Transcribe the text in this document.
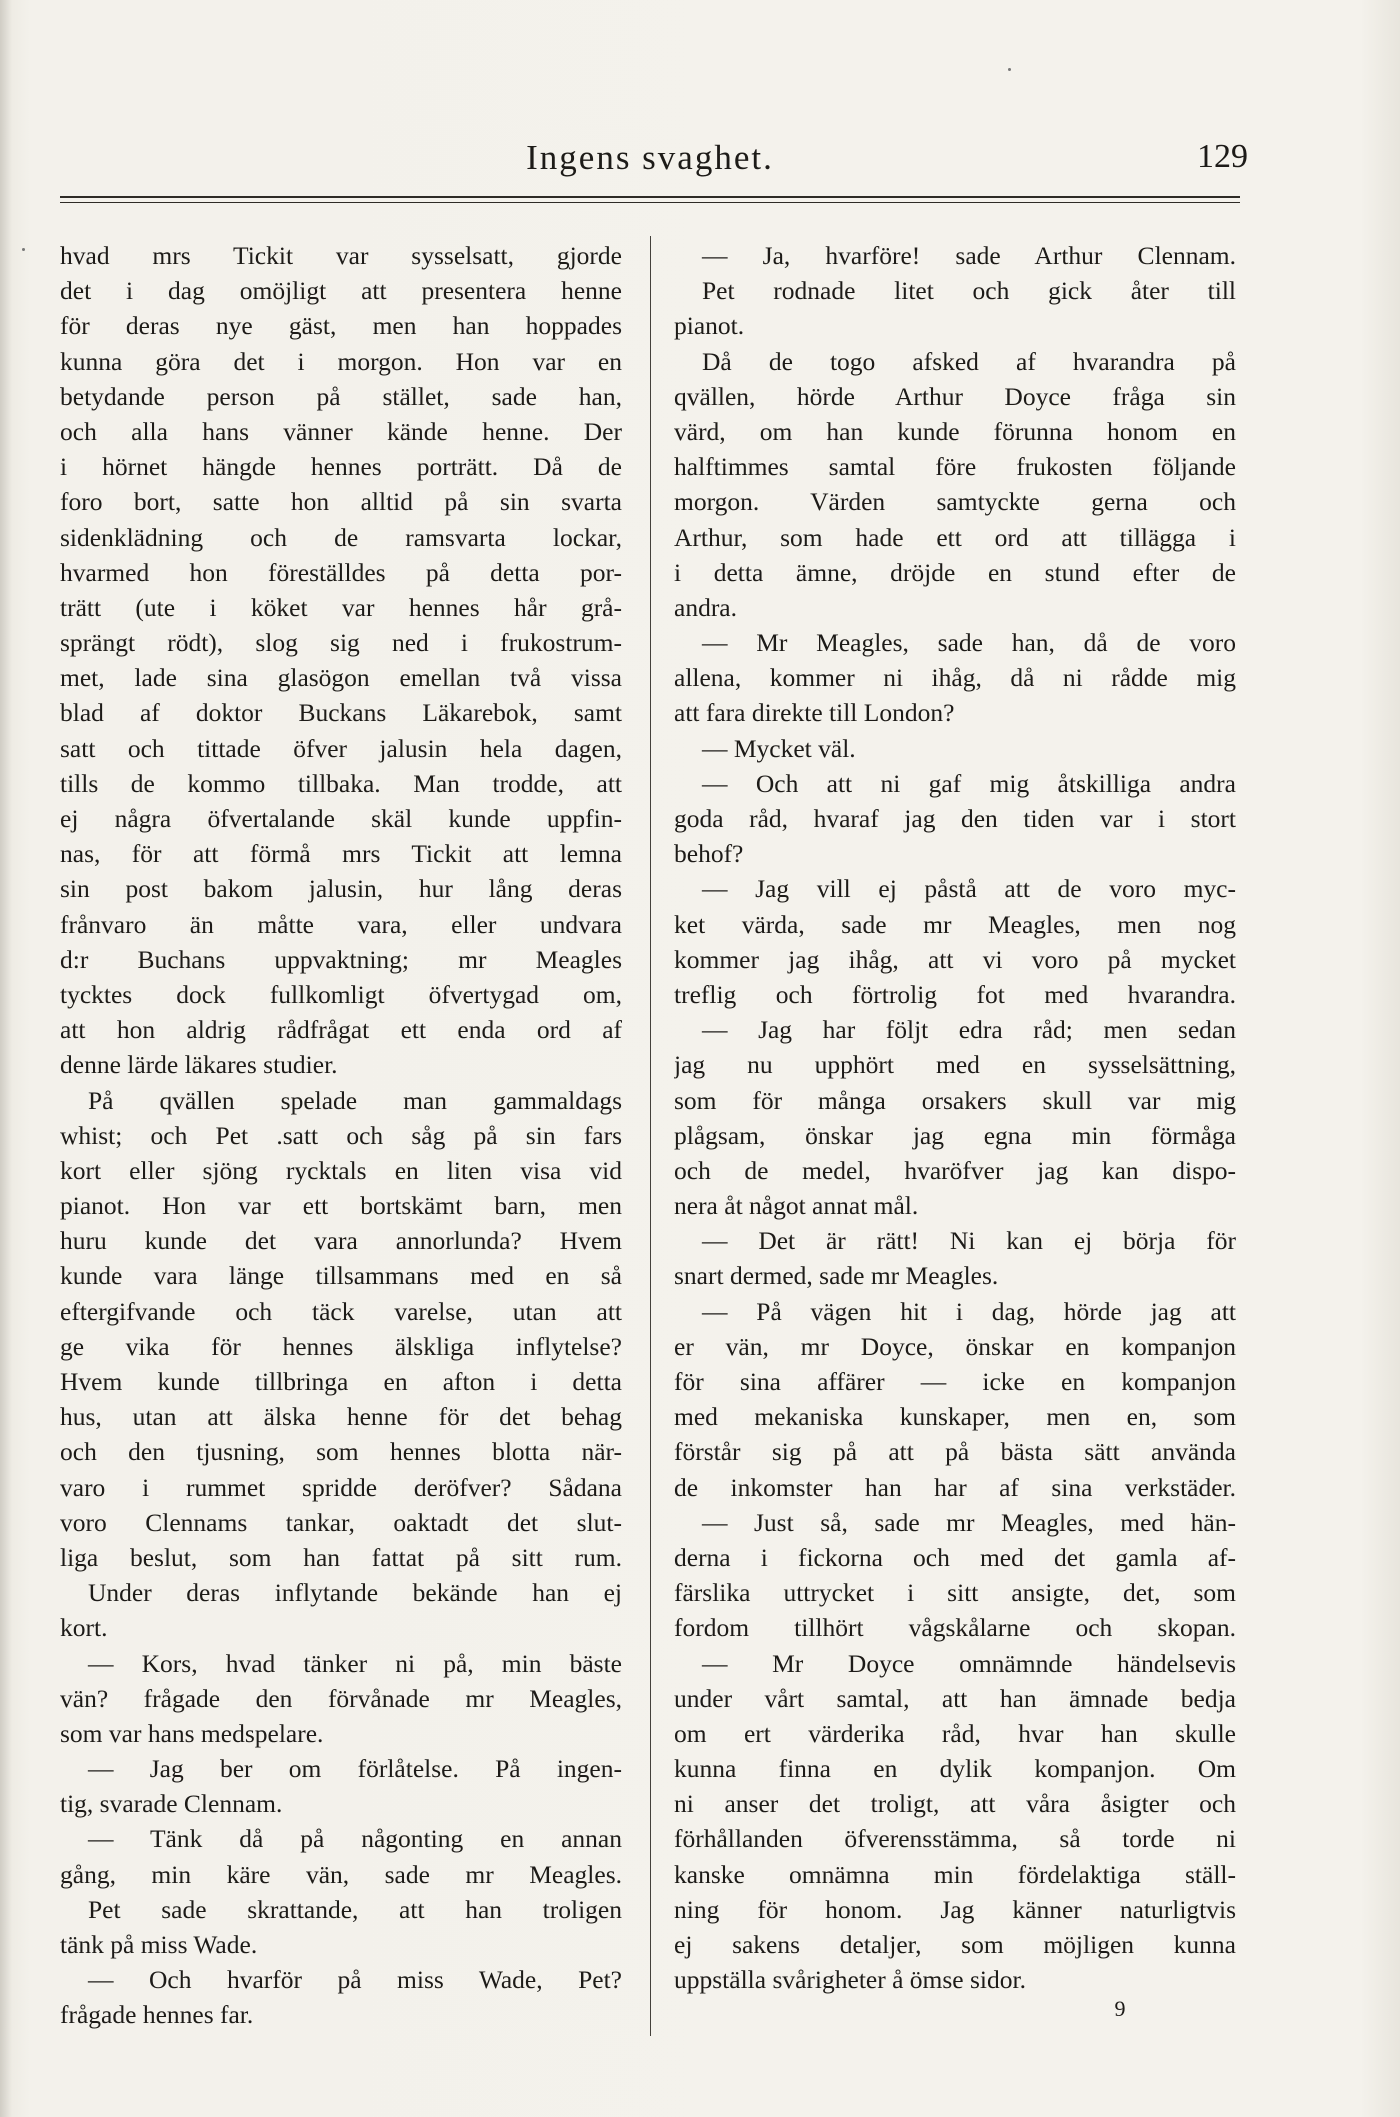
Ingens svaghet.	129
hvad mrs Tickit var sysselsatt, gjorde
det i dag omöjligt att presentera henne
för deras nye gäst, men han hoppades
kunna göra det i morgon. Hon var en
betydande person på stället, sade han,
och alla hans vänner kände henne. Der
i hörnet hängde hennes porträtt. Då de
foro bort, satte hon alltid på sin svarta
sidenklädning och de ramsvarta lockar,
hvarmed hon föreställdes på detta por-
trätt (ute i köket var hennes hår grå-
sprängt rödt), slog sig ned i frukostrum-
met, lade sina glasögon emellan två vissa
blad af doktor Buckans Läkarebok, samt
satt och tittade öfver jalusin hela dagen,
tills de kommo tillbaka. Man trodde, att
ej några öfvertalande skäl kunde uppfin-
nas, för att förmå mrs Tickit att lemna
sin post bakom jalusin, hur lång deras
frånvaro än måtte vara, eller undvara
d:r Buchans uppvaktning; mr Meagles
tycktes dock fullkomligt öfvertygad om,
att hon aldrig rådfrågat ett enda ord af
denne lärde läkares studier.
På qvällen spelade man gammaldags
whist; och Pet .satt och såg på sin fars
kort eller sjöng rycktals en liten visa vid
pianot. Hon var ett bortskämt barn, men
huru kunde det vara annorlunda? Hvem
kunde vara länge tillsammans med en så
eftergifvande och täck varelse, utan att
ge vika för hennes älskliga inflytelse?
Hvem kunde tillbringa en afton i detta
hus, utan att älska henne för det behag
och den tjusning, som hennes blotta när-
varo i rummet spridde deröfver? Sådana
voro Clennams tankar, oaktadt det slut-
liga beslut, som han fattat på sitt rum.
Under deras inflytande bekände han ej
kort.
— Kors, hvad tänker ni på, min bäste
vän? frågade den förvånade mr Meagles,
som var hans medspelare.
— Jag ber om förlåtelse. På ingen-
tig, svarade Clennam.
— Tänk då på någonting en annan
gång, min käre vän, sade mr Meagles.
Pet sade skrattande, att han troligen
tänk på miss Wade.
— Och hvarför på miss Wade, Pet?
frågade hennes far.
— Ja, hvarföre! sade Arthur Clennam.
Pet rodnade litet och gick åter till
pianot.
Då de togo afsked af hvarandra på
qvällen, hörde Arthur Doyce fråga sin
värd, om han kunde förunna honom en
halftimmes samtal före frukosten följande
morgon. Värden samtyckte gerna och
Arthur, som hade ett ord att tillägga i
i detta ämne, dröjde en stund efter de
andra.
— Mr Meagles, sade han, då de voro
allena, kommer ni ihåg, då ni rådde mig
att fara direkte till London?
— Mycket väl.
— Och att ni gaf mig åtskilliga andra
goda råd, hvaraf jag den tiden var i stort
behof?
— Jag vill ej påstå att de voro myc-
ket värda, sade mr Meagles, men nog
kommer jag ihåg, att vi voro på mycket
treflig och förtrolig fot med hvarandra.
— Jag har följt edra råd; men sedan
jag nu upphört med en sysselsättning,
som för många orsakers skull var mig
plågsam, önskar jag egna min förmåga
och de medel, hvaröfver jag kan dispo-
nera åt något annat mål.
— Det är rätt! Ni kan ej börja för
snart dermed, sade mr Meagles.
— På vägen hit i dag, hörde jag att
er vän, mr Doyce, önskar en kompanjon
för sina affärer — icke en kompanjon
med mekaniska kunskaper, men en, som
förstår sig på att på bästa sätt använda
de inkomster han har af sina verkstäder.
— Just så, sade mr Meagles, med hän-
derna i fickorna och med det gamla af-
färslika uttrycket i sitt ansigte, det, som
fordom tillhört vågskålarne och skopan.
— Mr Doyce omnämnde händelsevis
under vårt samtal, att han ämnade bedja
om ert värderika råd, hvar han skulle
kunna finna en dylik kompanjon. Om
ni anser det troligt, att våra åsigter och
förhållanden öfverensstämma, så torde ni
kanske omnämna min fördelaktiga ställ-
ning för honom. Jag känner naturligtvis
ej sakens detaljer, som möjligen kunna
uppställa svårigheter å ömse sidor.
9
